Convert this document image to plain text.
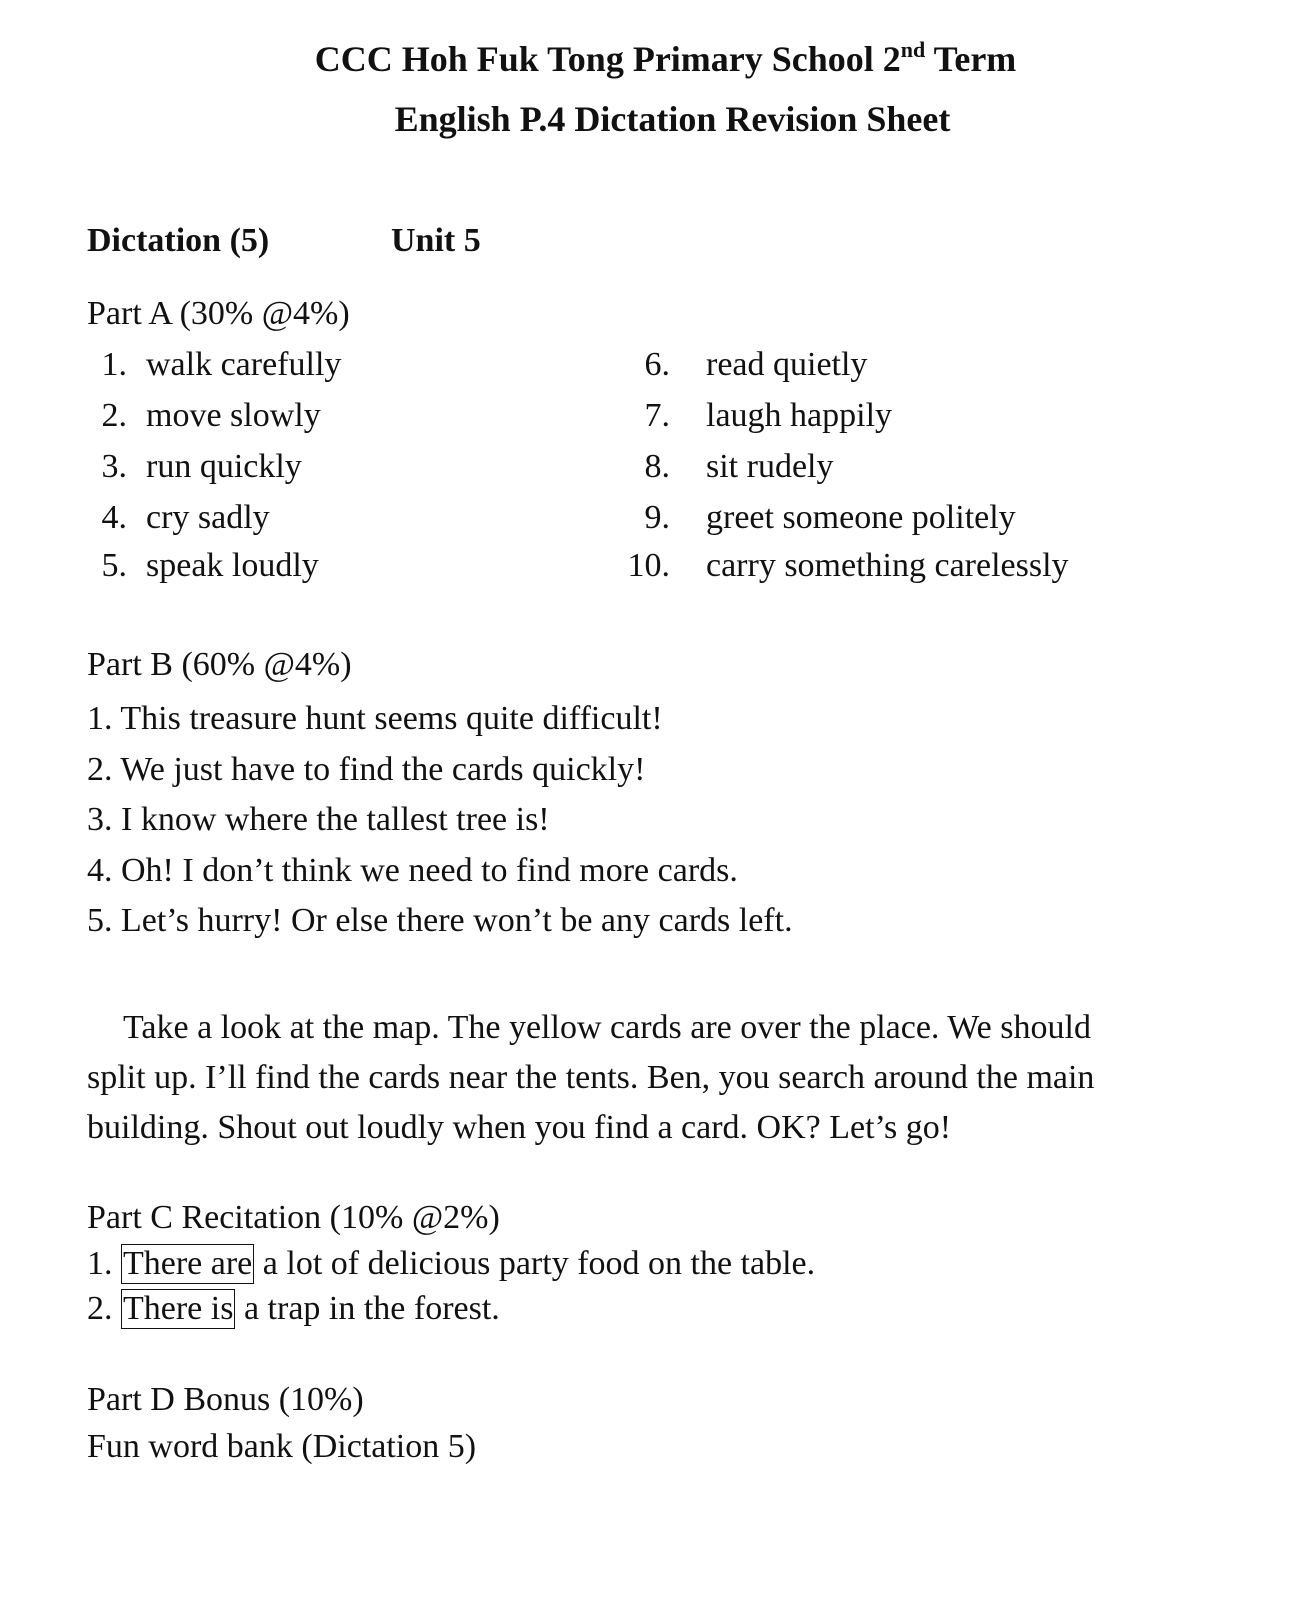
CCC Hoh Fuk Tong Primary School 2nd Term
English P.4 Dictation Revision Sheet
Dictation (5)	Unit 5
Part A (30% @4%)
1. walk carefully
2. move slowly
3. run quickly
4. cry sadly
5. speak loudly
6. read quietly
7. laugh happily
8. sit rudely
9. greet someone politely
10. carry something carelessly
Part B (60% @4%)
1. This treasure hunt seems quite difficult!
2. We just have to find the cards quickly!
3. I know where the tallest tree is!
4. Oh! I don’t think we need to find more cards.
5. Let’s hurry! Or else there won’t be any cards left.
Take a look at the map. The yellow cards are over the place. We should
split up. I’ll find the cards near the tents. Ben, you search around the main
building. Shout out loudly when you find a card. OK? Let’s go!
Part C Recitation (10% @2%)
1. There are a lot of delicious party food on the table.
2. There is a trap in the forest.
Part D Bonus (10%)
Fun word bank (Dictation 5)
